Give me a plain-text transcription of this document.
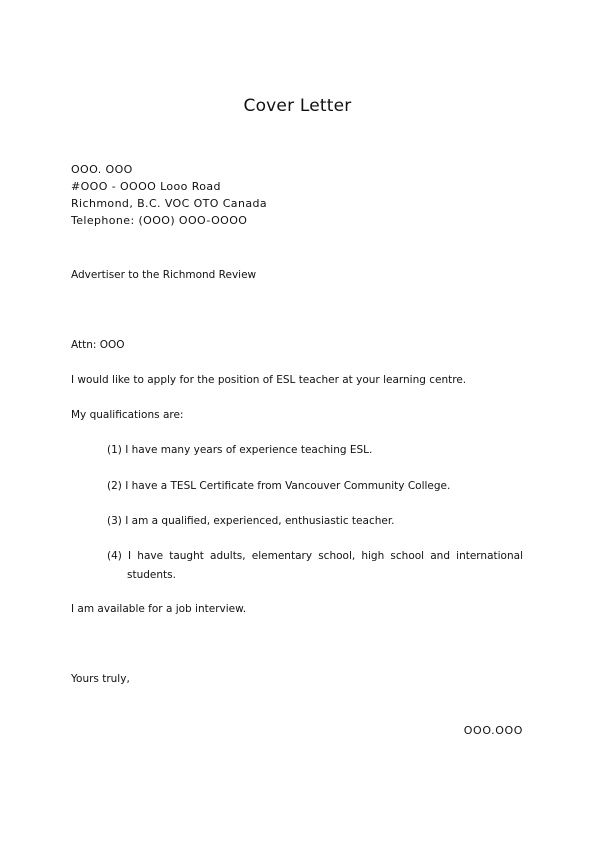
Cover Letter
OOO. OOO
#OOO - OOOO Looo Road
Richmond, B.C. VOC OTO Canada
Telephone: (OOO) OOO-OOOO
Advertiser to the Richmond Review
Attn: OOO
I would like to apply for the position of ESL teacher at your learning centre.
My qualifications are:
(1) I have many years of experience teaching ESL.
(2) I have a TESL Certificate from Vancouver Community College.
(3) I am a qualified, experienced, enthusiastic teacher.
(4) I have taught adults, elementary school, high school and international
students.
I am available for a job interview.
Yours truly,
OOO.OOO
